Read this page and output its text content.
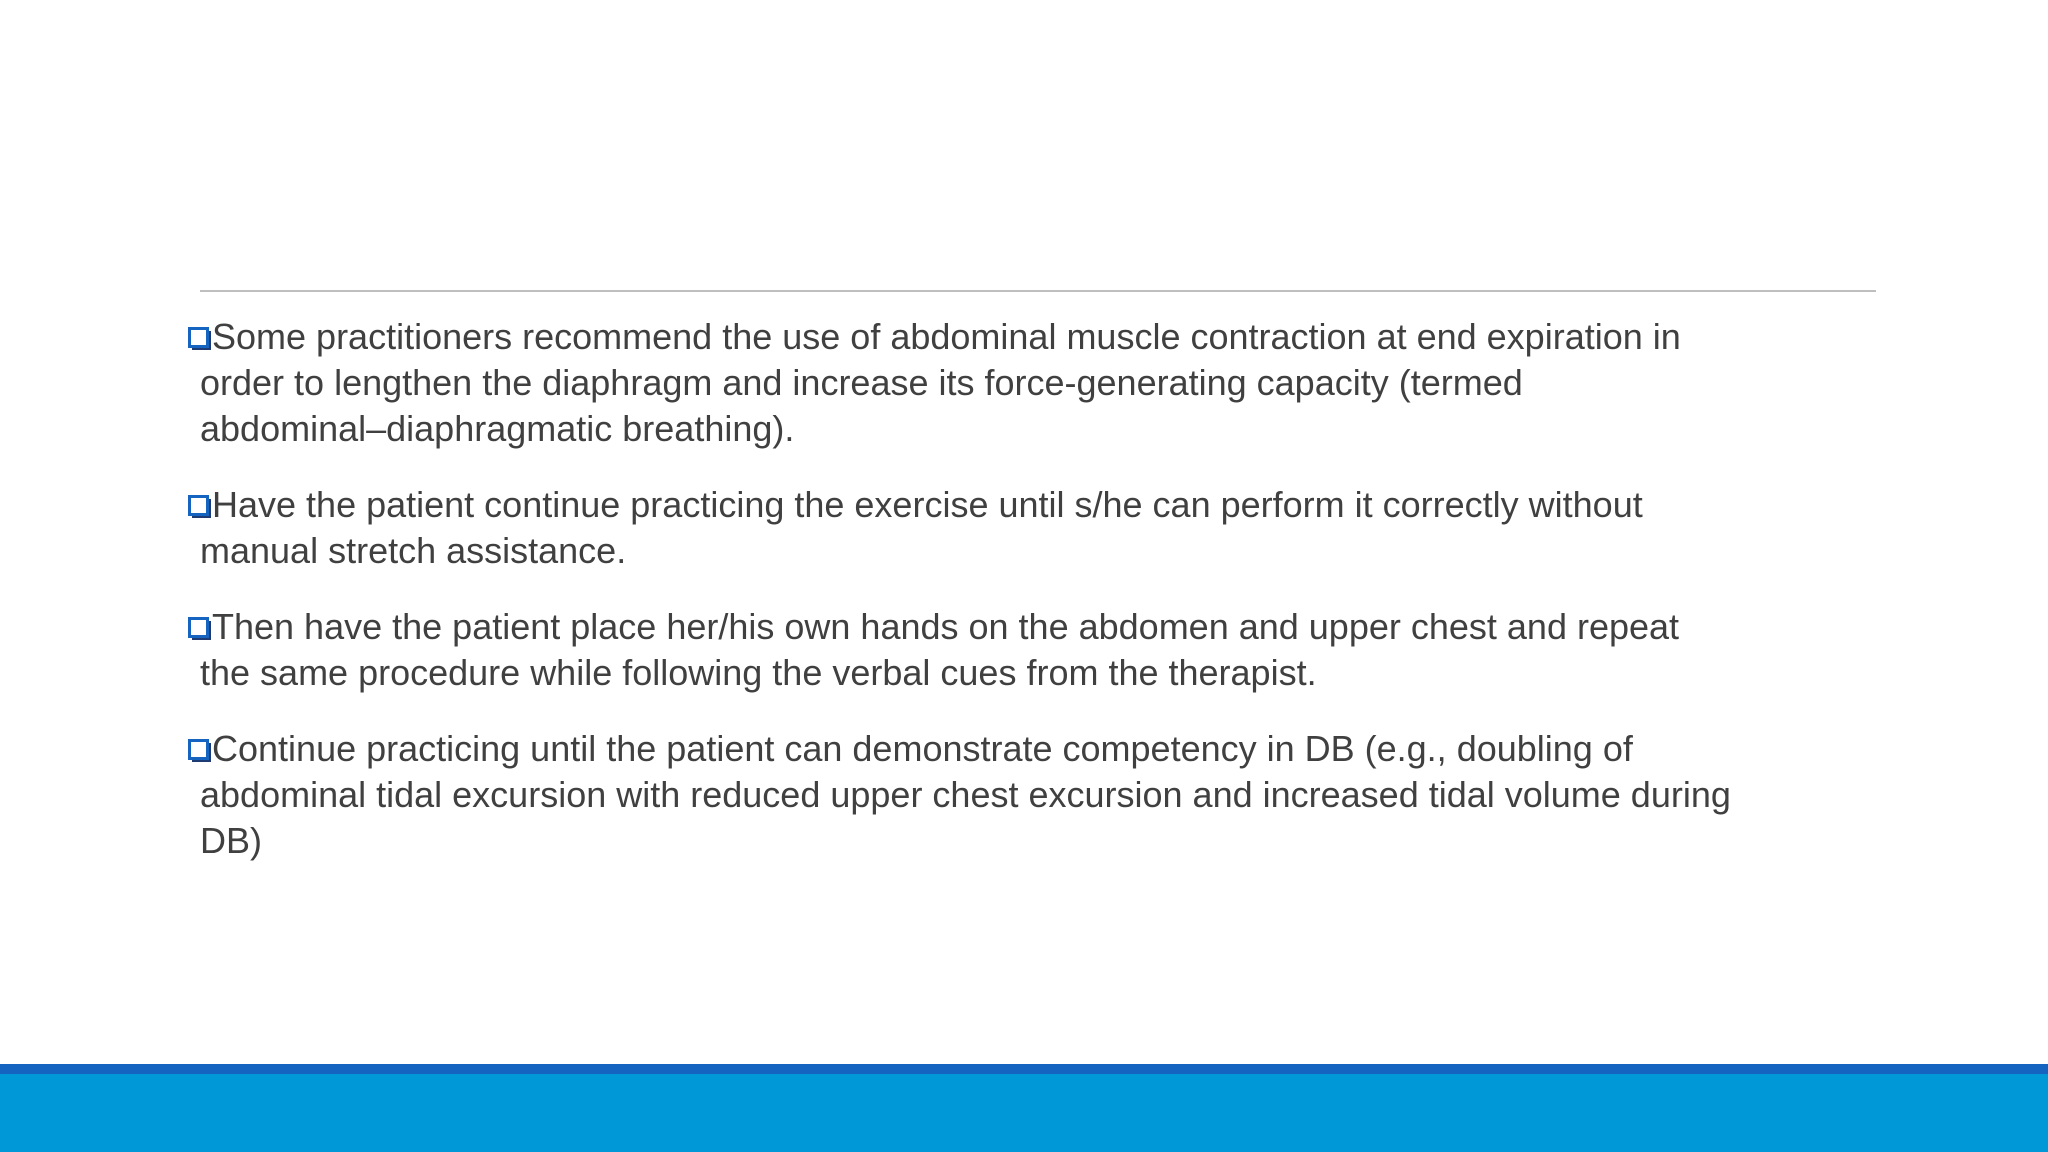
Some practitioners recommend the use of abdominal muscle contraction at end expiration in
order to lengthen the diaphragm and increase its force-generating capacity (termed
abdominal–diaphragmatic breathing).
Have the patient continue practicing the exercise until s/he can perform it correctly without
manual stretch assistance.
Then have the patient place her/his own hands on the abdomen and upper chest and repeat
the same procedure while following the verbal cues from the therapist.
Continue practicing until the patient can demonstrate competency in DB (e.g., doubling of
abdominal tidal excursion with reduced upper chest excursion and increased tidal volume during
DB)
